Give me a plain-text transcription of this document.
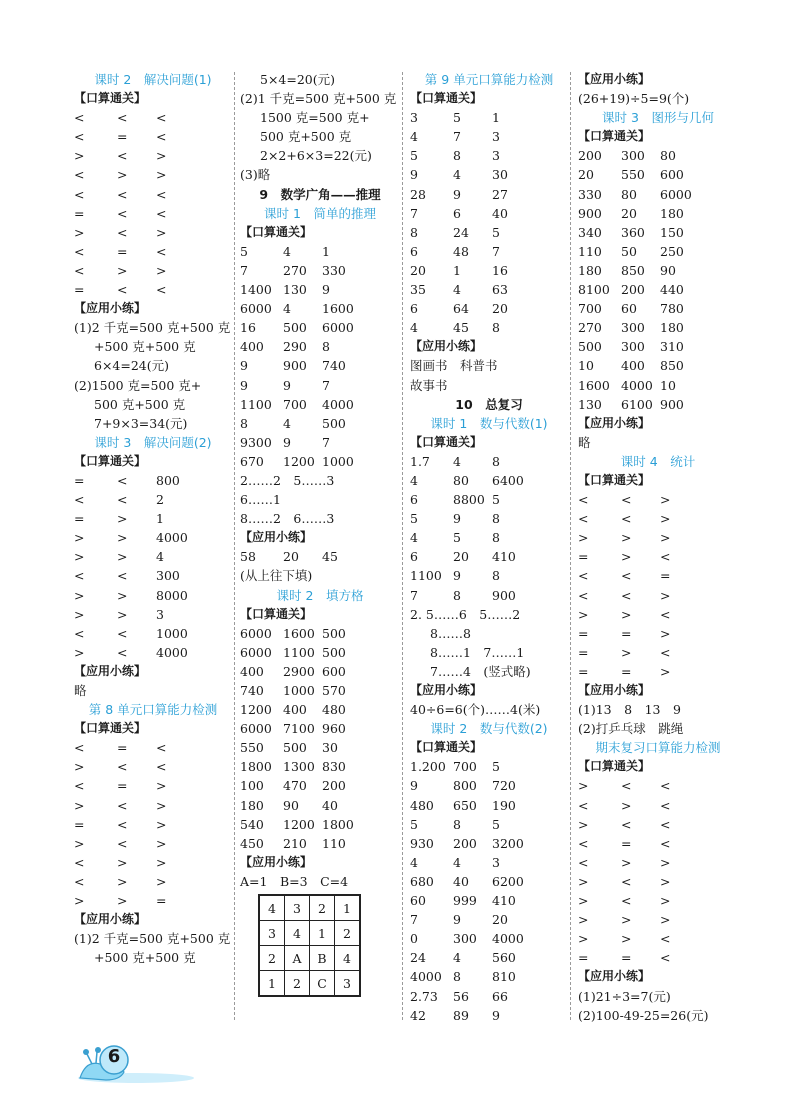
课时 2　解决问题(1)
【口算通关】
<	< <
<	= <
>	< >
<	> >
<	< <
=	< <
>	< >
<	= <
<	> >
=	< <
【应用小练】
(1)2 千克=500 克+500 克
+500 克+500 克
6×4=24(元)
(2)1500 克=500 克+
500 克+500 克
7+9×3=34(元)
课时 3　解决问题(2)
【口算通关】
=	< 800
<	< 2
=	> 1
>	> 4000
>	> 4
<	< 300
>	> 8000
>	> 3
<	< 1000
>	< 4000
【应用小练】
略
第 8 单元口算能力检测
【口算通关】
<	= <
>	< <
<	= >
>	< >
=	< >
>	< >
<	> >
<	> >
>	> =
【应用小练】
(1)2 千克=500 克+500 克
+500 克+500 克
5×4=20(元)
(2)1 千克=500 克+500 克
1500 克=500 克+
500 克+500 克
2×2+6×3=22(元)
(3)略
9　数学广角——推理
课时 1　简单的推理
【口算通关】
5	4 1
7	270 330
1400 130 9
6000 4 1600
16 500 6000
400 290 8
9	900 740
9	9 7
1100 700 4000
8	4 500
9300 9 7
670 1200 1000
2……2　5……3
6……1
8……2　6……3
【应用小练】
58 20 45
(从上往下填)
课时 2　填方格
【口算通关】
6000 1600 500
6000 1100 500
400 2900 600
740 1000 570
1200 400 480
6000 7100 960
550 500 30
1800 1300 830
100 470 200
180 90 40
540 1200 1800
450 210 110
【应用小练】
A=1　B=3　C=4
4	3	2	1
3	4	1	2
2	A	B	4
1	2	C	3
第 9 单元口算能力检测
【口算通关】
3	5 1
4	7 3
5	8 3
9	4 30
28 9 27
7	6 40
8	24 5
6	48 7
20 1 16
35 4 63
6	64 20
4	45 8
【应用小练】
图画书　科普书
故事书
10　总复习
课时 1　数与代数(1)
【口算通关】
1.7 4 8
4	80 6400
6	8800 5
5	9 8
4	5 8
6	20 410
1100 9 8
7	8 900
2. 5……6　5……2
8……8
8……1　7……1
7……4　(竖式略)
【应用小练】
40÷6=6(个)……4(米)
课时 2　数与代数(2)
【口算通关】
1.200 700 5
9	800 720
480 650 190
5	8 5
930 200 3200
4	4 3
680 40 6200
60 999 410
7	9 20
0	300 4000
24 4 560
4000 8 810
2.73 56 66
42 89 9
【应用小练】
(26+19)÷5=9(个)
课时 3　图形与几何
【口算通关】
200 300 80
20 550 600
330 80 6000
900 20 180
340 360 150
110 50 250
180 850 90
8100 200 440
700 60 780
270 300 180
500 300 310
10 400 850
1600 4000 10
130 6100 900
【应用小练】
略
课时 4　统计
【口算通关】
<	< >
<	< >
>	> >
=	> <
<	< =
<	< >
>	> <
=	= >
=	> <
=	= >
【应用小练】
(1)13　8　13　9
(2)打乒乓球　跳绳
期末复习口算能力检测
【口算通关】
>	< <
<	> <
>	< <
<	= <
<	> >
>	< >
>	< >
>	> >
>	> <
=	= <
【应用小练】
(1)21÷3=7(元)
(2)100-49-25=26(元)
6
